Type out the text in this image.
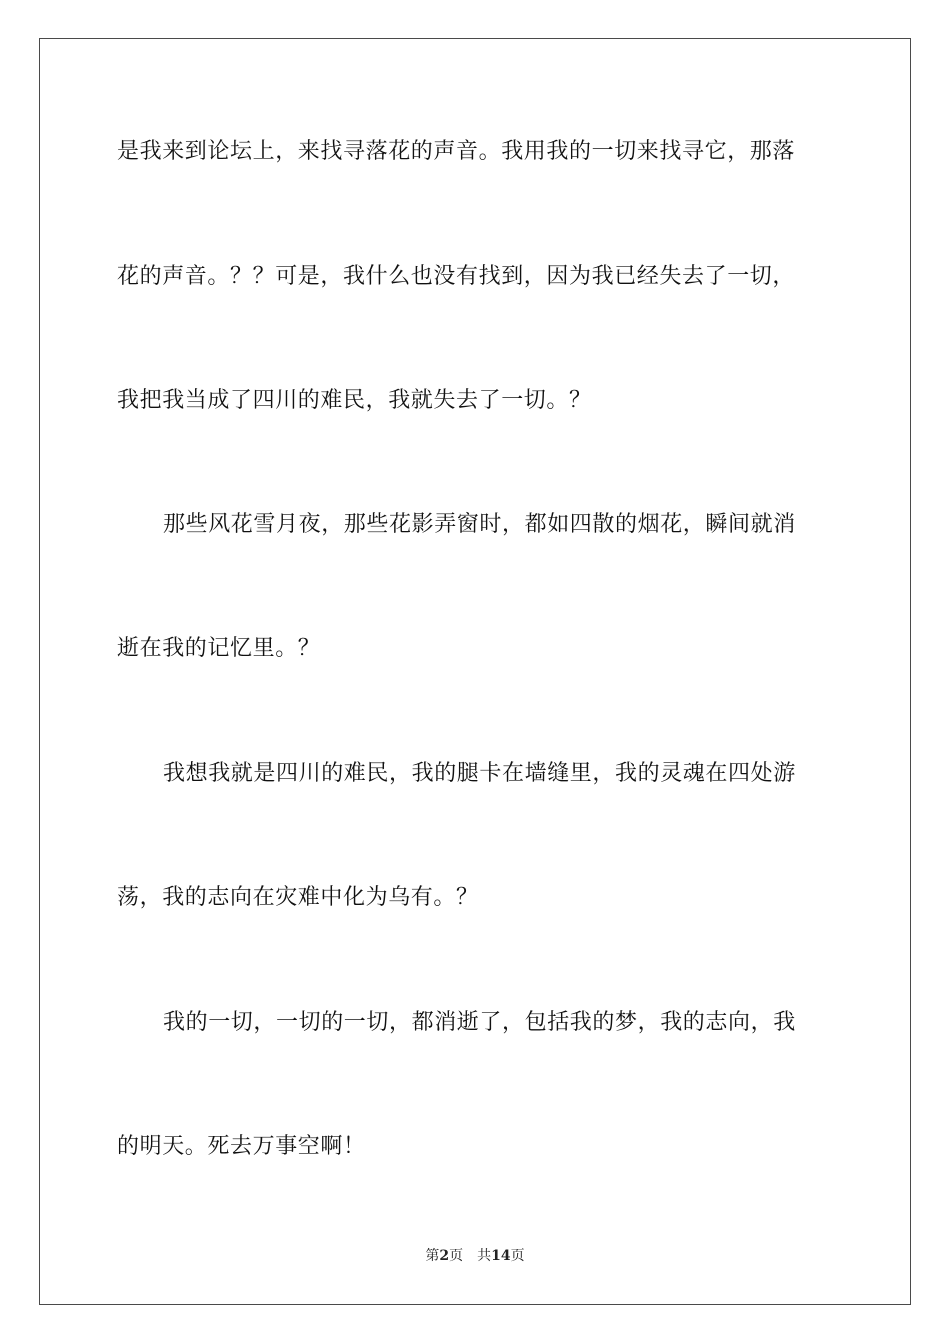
是我来到论坛上，来找寻落花的声音。我用我的一切来找寻它，那落
花的声音。？？可是，我什么也没有找到，因为我已经失去了一切，
我把我当成了四川的难民，我就失去了一切。？
那些风花雪月夜，那些花影弄窗时，都如四散的烟花，瞬间就消
逝在我的记忆里。？
我想我就是四川的难民，我的腿卡在墙缝里，我的灵魂在四处游
荡，我的志向在灾难中化为乌有。？
我的一切，一切的一切，都消逝了，包括我的梦，我的志向，我
的明天。死去万事空啊！
第2页 共14页
